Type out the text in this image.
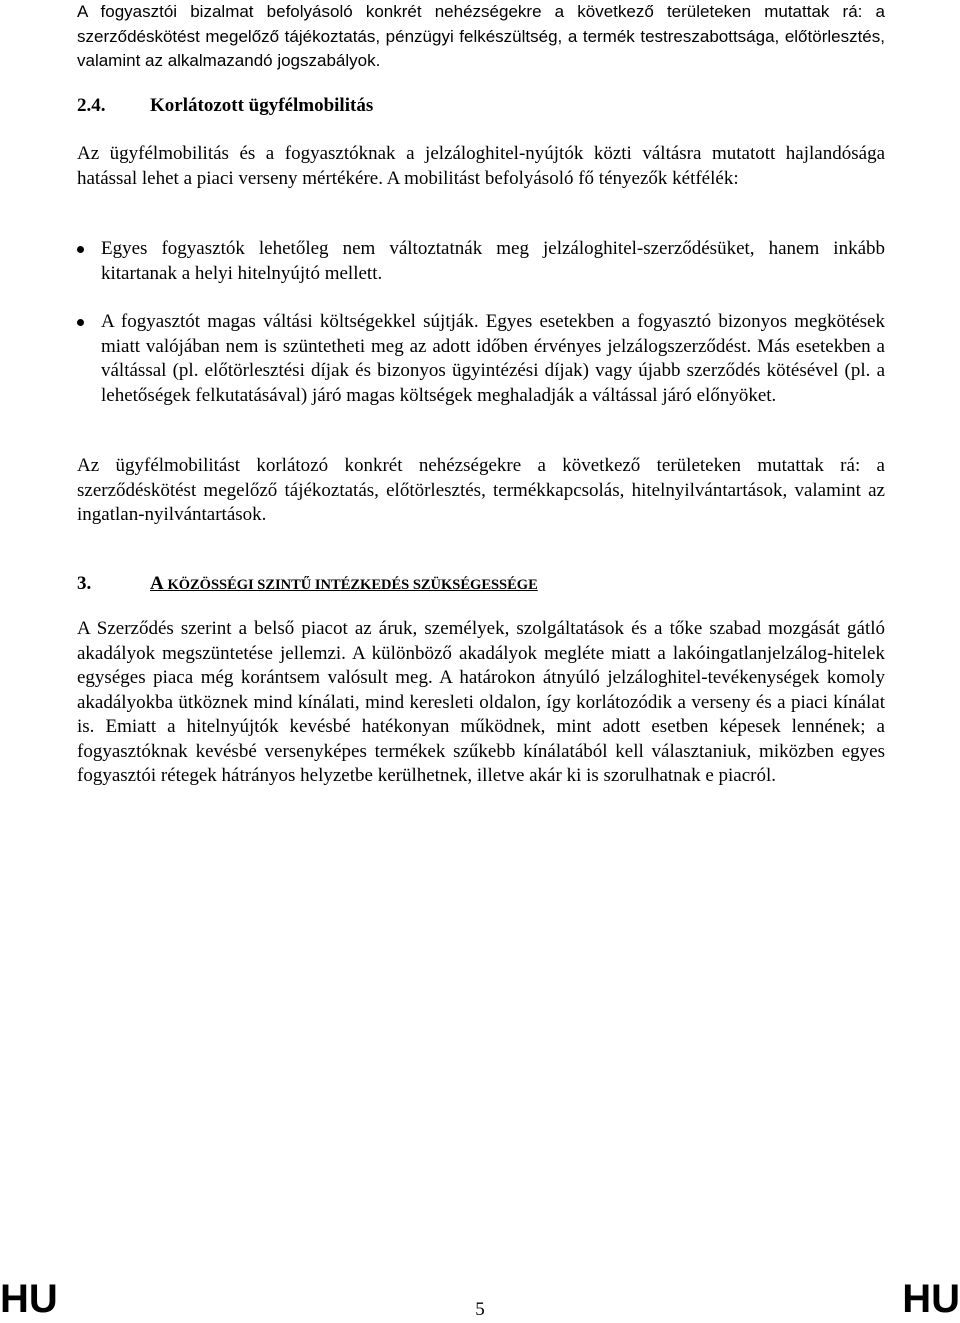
A fogyasztói bizalmat befolyásoló konkrét nehézségekre a következő területeken mutattak rá: a szerződéskötést megelőző tájékoztatás, pénzügyi felkészültség, a termék testreszabottsága, előtörlesztés, valamint az alkalmazandó jogszabályok.

2.4. Korlátozott ügyfélmobilitás

Az ügyfélmobilitás és a fogyasztóknak a jelzáloghitel-nyújtók közti váltásra mutatott hajlandósága hatással lehet a piaci verseny mértékére. A mobilitást befolyásoló fő tényezők kétfélék:

Egyes fogyasztók lehetőleg nem változtatnák meg jelzáloghitel-szerződésüket, hanem inkább kitartanak a helyi hitelnyújtó mellett.
A fogyasztót magas váltási költségekkel sújtják. Egyes esetekben a fogyasztó bizonyos megkötések miatt valójában nem is szüntetheti meg az adott időben érvényes jelzálogszerződést. Más esetekben a váltással (pl. előtörlesztési díjak és bizonyos ügyintézési díjak) vagy újabb szerződés kötésével (pl. a lehetőségek felkutatásával) járó magas költségek meghaladják a váltással járó előnyöket.

Az ügyfélmobilitást korlátozó konkrét nehézségekre a következő területeken mutattak rá: a szerződéskötést megelőző tájékoztatás, előtörlesztés, termékkapcsolás, hitelnyilvántartások, valamint az ingatlan-nyilvántartások.

3.	A KÖZÖSSÉGI SZINTŰ INTÉZKEDÉS SZÜKSÉGESSÉGE

A Szerződés szerint a belső piacot az áruk, személyek, szolgáltatások és a tőke szabad mozgását gátló akadályok megszüntetése jellemzi. A különböző akadályok megléte miatt a lakóingatlanjelzálog-hitelek egységes piaca még korántsem valósult meg. A határokon átnyúló jelzáloghitel-tevékenységek komoly akadályokba ütköznek mind kínálati, mind keresleti oldalon, így korlátozódik a verseny és a piaci kínálat is. Emiatt a hitelnyújtók kevésbé hatékonyan működnek, mint adott esetben képesek lennének; a fogyasztóknak kevésbé versenyképes termékek szűkebb kínálatából kell választaniuk, miközben egyes fogyasztói rétegek hátrányos helyzetbe kerülhetnek, illetve akár ki is szorulhatnak e piacról.

HU	5	HU
